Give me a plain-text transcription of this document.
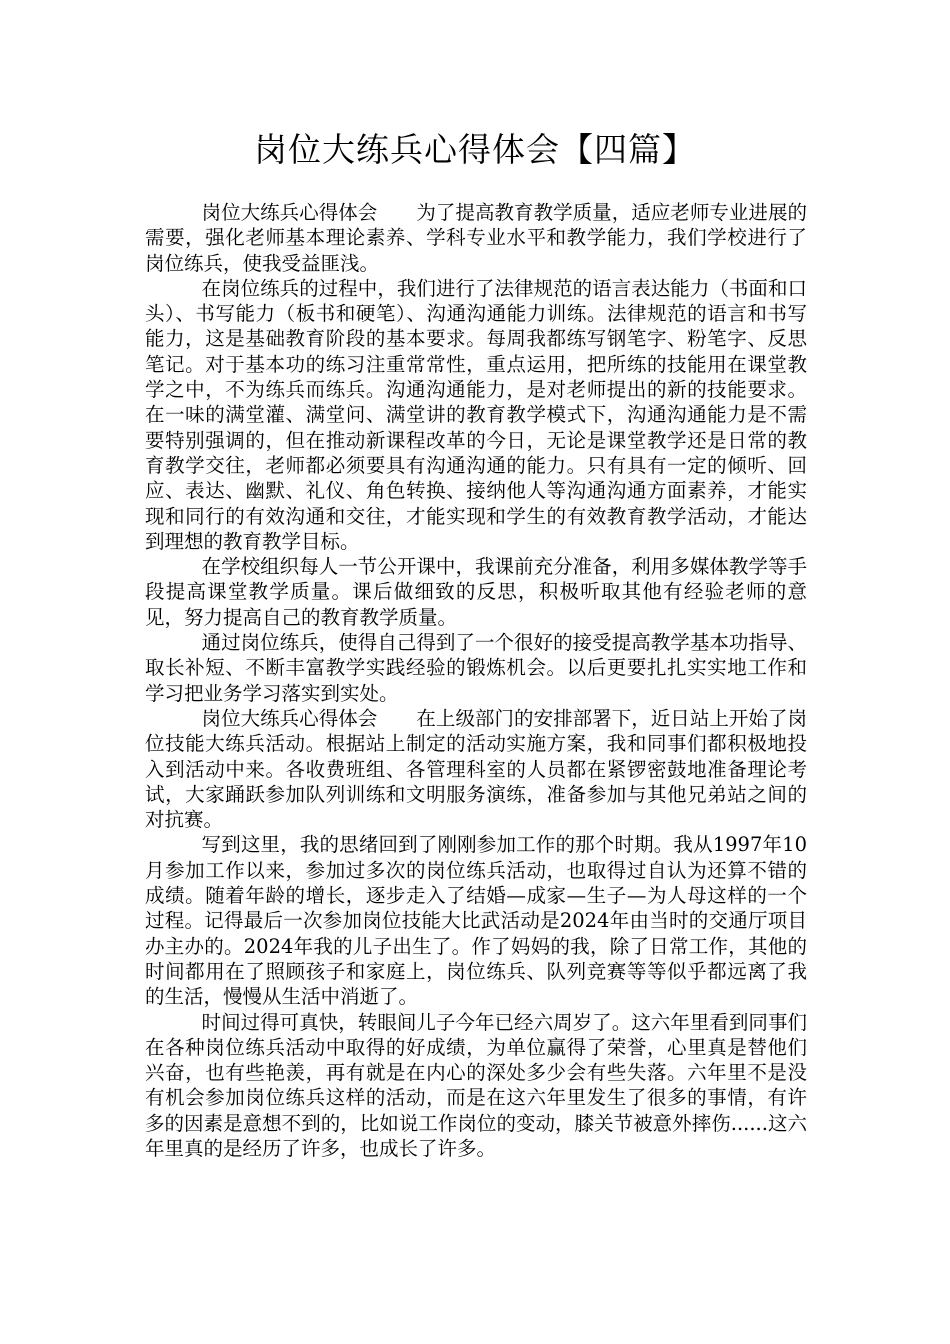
岗位大练兵心得体会【四篇】

岗位大练兵心得体会　　为了提高教育教学质量，适应老师专业进展的需要，强化老师基本理论素养、学科专业水平和教学能力，我们学校进行了岗位练兵，使我受益匪浅。

在岗位练兵的过程中，我们进行了法律规范的语言表达能力（书面和口头）、书写能力（板书和硬笔）、沟通沟通能力训练。法律规范的语言和书写能力，这是基础教育阶段的基本要求。每周我都练写钢笔字、粉笔字、反思笔记。对于基本功的练习注重常常性，重点运用，把所练的技能用在课堂教学之中，不为练兵而练兵。沟通沟通能力，是对老师提出的新的技能要求。在一味的满堂灌、满堂问、满堂讲的教育教学模式下，沟通沟通能力是不需要特别强调的，但在推动新课程改革的今日，无论是课堂教学还是日常的教育教学交往，老师都必须要具有沟通沟通的能力。只有具有一定的倾听、回应、表达、幽默、礼仪、角色转换、接纳他人等沟通沟通方面素养，才能实现和同行的有效沟通和交往，才能实现和学生的有效教育教学活动，才能达到理想的教育教学目标。

在学校组织每人一节公开课中，我课前充分准备，利用多媒体教学等手段提高课堂教学质量。课后做细致的反思，积极听取其他有经验老师的意见，努力提高自己的教育教学质量。

通过岗位练兵，使得自己得到了一个很好的接受提高教学基本功指导、取长补短、不断丰富教学实践经验的锻炼机会。以后更要扎扎实实地工作和学习把业务学习落实到实处。

岗位大练兵心得体会　　在上级部门的安排部署下，近日站上开始了岗位技能大练兵活动。根据站上制定的活动实施方案，我和同事们都积极地投入到活动中来。各收费班组、各管理科室的人员都在紧锣密鼓地准备理论考试，大家踊跃参加队列训练和文明服务演练，准备参加与其他兄弟站之间的对抗赛。

写到这里，我的思绪回到了刚刚参加工作的那个时期。我从1997年10月参加工作以来，参加过多次的岗位练兵活动，也取得过自认为还算不错的成绩。随着年龄的增长，逐步走入了结婚—成家—生子—为人母这样的一个过程。记得最后一次参加岗位技能大比武活动是2024年由当时的交通厅项目办主办的。2024年我的儿子出生了。作了妈妈的我，除了日常工作，其他的时间都用在了照顾孩子和家庭上，岗位练兵、队列竞赛等等似乎都远离了我的生活，慢慢从生活中消逝了。

时间过得可真快，转眼间儿子今年已经六周岁了。这六年里看到同事们在各种岗位练兵活动中取得的好成绩，为单位赢得了荣誉，心里真是替他们兴奋，也有些艳羡，再有就是在内心的深处多少会有些失落。六年里不是没有机会参加岗位练兵这样的活动，而是在这六年里发生了很多的事情，有许多的因素是意想不到的，比如说工作岗位的变动，膝关节被意外摔伤......这六年里真的是经历了许多，也成长了许多。
